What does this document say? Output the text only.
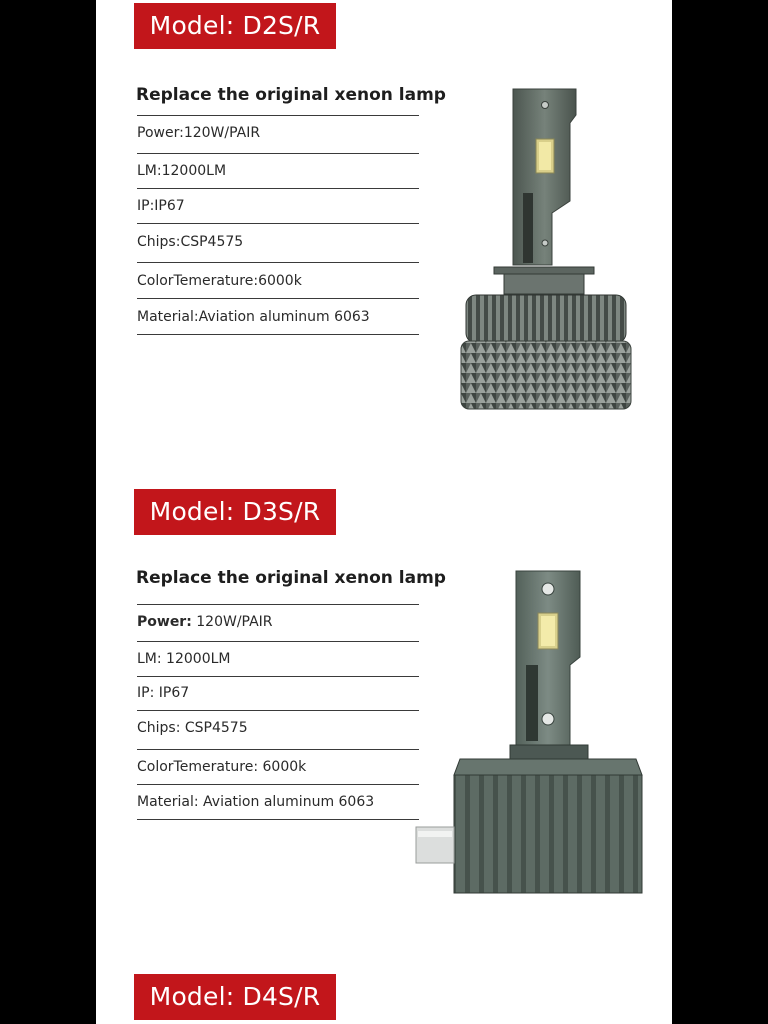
Model: D2S/R
Replace the original xenon lamp
Power:120W/PAIR
LM:12000LM
IP:IP67
Chips:CSP4575
ColorTemerature:6000k
Material:Aviation aluminum 6063
Model: D3S/R
Replace the original xenon lamp
Power: 120W/PAIR
LM: 12000LM
IP: IP67
Chips: CSP4575
ColorTemerature: 6000k
Material: Aviation aluminum 6063
Model: D4S/R
